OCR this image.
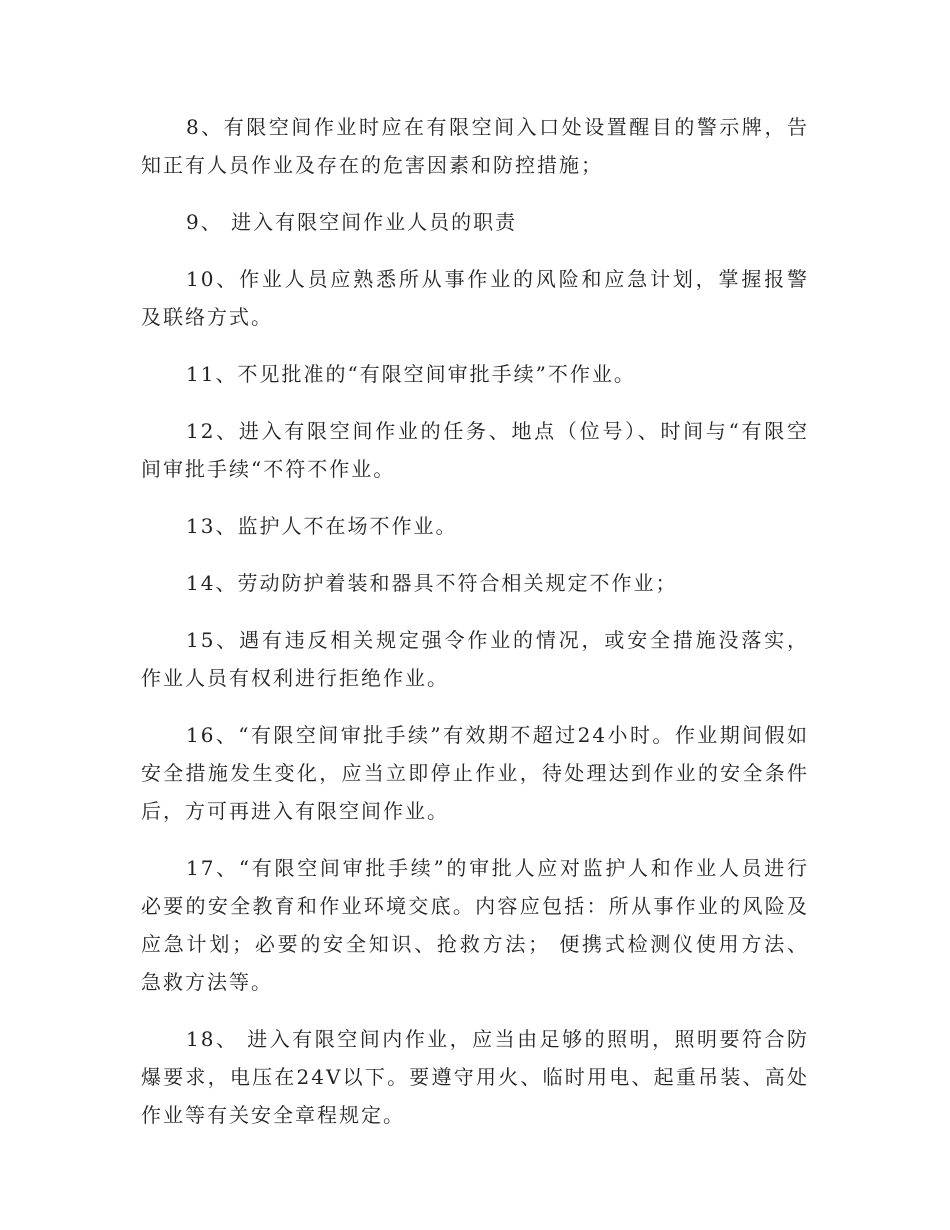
8、有限空间作业时应在有限空间入口处设置醒目的警示牌，告知正有人员作业及存在的危害因素和防控措施；

9、 进入有限空间作业人员的职责

10、作业人员应熟悉所从事作业的风险和应急计划，掌握报警及联络方式。

11、不见批准的“有限空间审批手续”不作业。

12、进入有限空间作业的任务、地点（位号）、时间与“有限空间审批手续“不符不作业。

13、监护人不在场不作业。

14、劳动防护着装和器具不符合相关规定不作业；

15、遇有违反相关规定强令作业的情况，或安全措施没落实，作业人员有权利进行拒绝作业。

16、“有限空间审批手续”有效期不超过24小时。作业期间假如安全措施发生变化，应当立即停止作业，待处理达到作业的安全条件后，方可再进入有限空间作业。

17、“有限空间审批手续”的审批人应对监护人和作业人员进行必要的安全教育和作业环境交底。内容应包括：所从事作业的风险及应急计划；必要的安全知识、抢救方法； 便携式检测仪使用方法、急救方法等。

18、 进入有限空间内作业，应当由足够的照明，照明要符合防爆要求，电压在24V以下。要遵守用火、临时用电、起重吊装、高处作业等有关安全章程规定。
